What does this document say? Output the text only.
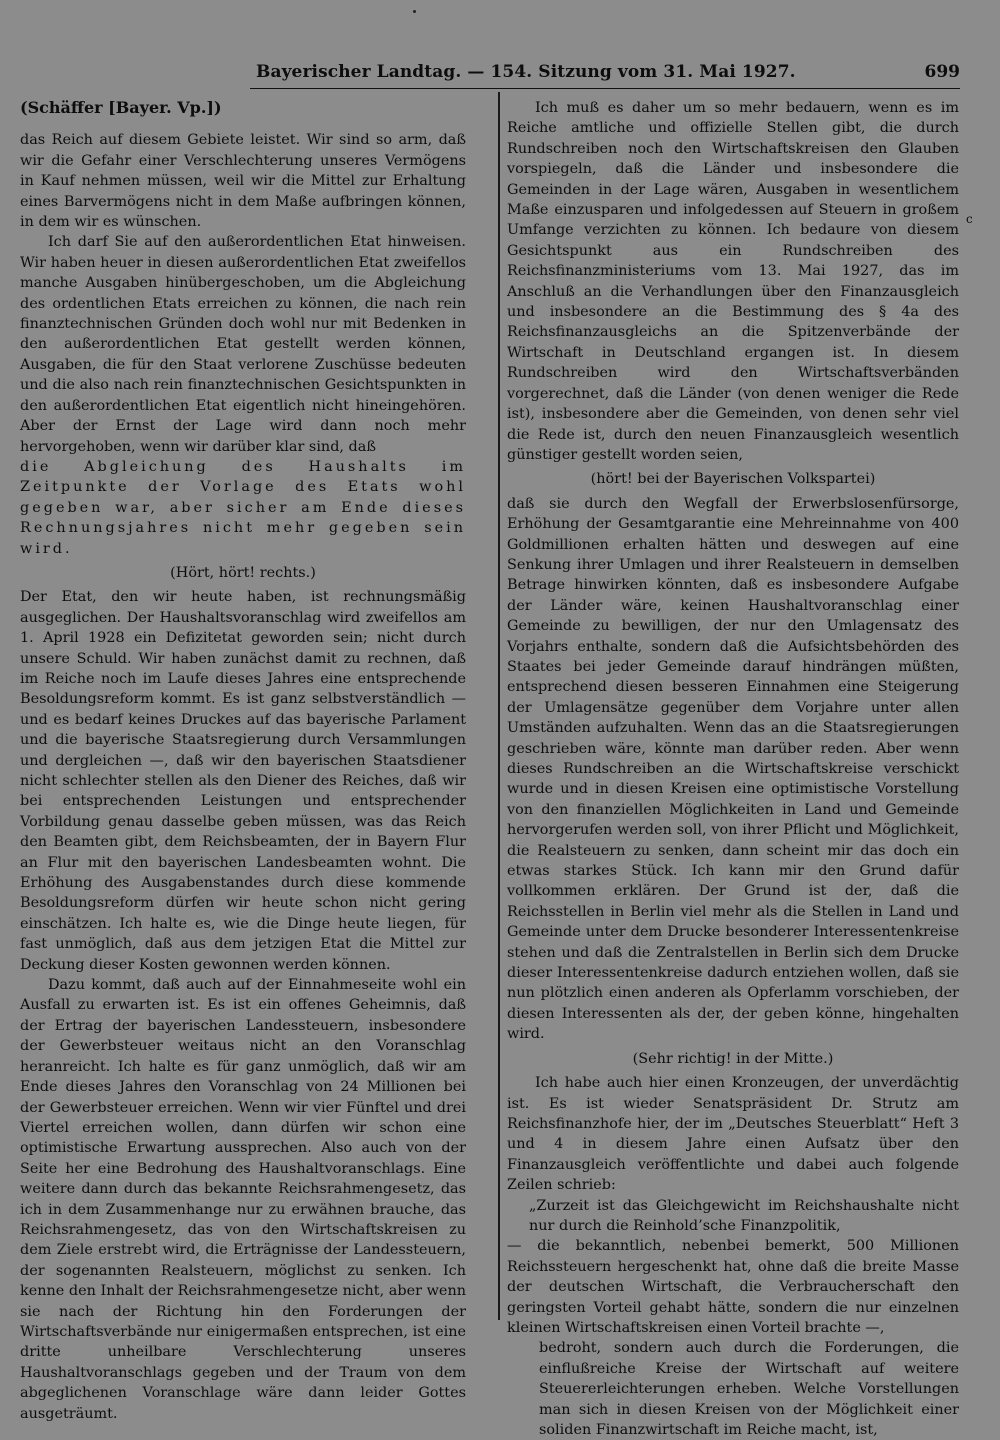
Bayerischer Landtag. — 154. Sitzung vom 31. Mai 1927.	699

(Schäffer [Bayer. Vp.])

das Reich auf diesem Gebiete leistet. Wir sind so arm, daß wir die Gefahr einer Verschlechterung unseres Vermögens in Kauf nehmen müssen, weil wir die Mittel zur Erhaltung eines Barvermögens nicht in dem Maße aufbringen können, in dem wir es wünschen.

Ich darf Sie auf den außerordentlichen Etat hinweisen. Wir haben heuer in diesen außerordentlichen Etat zweifellos manche Ausgaben hinübergeschoben, um die Abgleichung des ordentlichen Etats erreichen zu können, die nach rein finanztechnischen Gründen doch wohl nur mit Bedenken in den außerordentlichen Etat gestellt werden können, Ausgaben, die für den Staat verlorene Zuschüsse bedeuten und die also nach rein finanztechnischen Gesichtspunkten in den außerordentlichen Etat eigentlich nicht hineingehören. Aber der Ernst der Lage wird dann noch mehr hervorgehoben, wenn wir darüber klar sind, daß

die Abgleichung des Haushalts im Zeitpunkte der Vorlage des Etats wohl gegeben war, aber sicher am Ende dieses Rechnungsjahres nicht mehr gegeben sein wird.

(Hört, hört! rechts.)

Der Etat, den wir heute haben, ist rechnungsmäßig ausgeglichen. Der Haushaltsvoranschlag wird zweifellos am 1. April 1928 ein Defizitetat geworden sein; nicht durch unsere Schuld. Wir haben zunächst damit zu rechnen, daß im Reiche noch im Laufe dieses Jahres eine entsprechende Besoldungsreform kommt. Es ist ganz selbstverständlich — und es bedarf keines Druckes auf das bayerische Parlament und die bayerische Staatsregierung durch Versammlungen und dergleichen —, daß wir den bayerischen Staatsdiener nicht schlechter stellen als den Diener des Reiches, daß wir bei entsprechenden Leistungen und entsprechender Vorbildung genau dasselbe geben müssen, was das Reich den Beamten gibt, dem Reichsbeamten, der in Bayern Flur an Flur mit den bayerischen Landesbeamten wohnt. Die Erhöhung des Ausgabenstandes durch diese kommende Besoldungsreform dürfen wir heute schon nicht gering einschätzen. Ich halte es, wie die Dinge heute liegen, für fast unmöglich, daß aus dem jetzigen Etat die Mittel zur Deckung dieser Kosten gewonnen werden können.

Dazu kommt, daß auch auf der Einnahmeseite wohl ein Ausfall zu erwarten ist. Es ist ein offenes Geheimnis, daß der Ertrag der bayerischen Landessteuern, insbesondere der Gewerbsteuer weitaus nicht an den Voranschlag heranreicht. Ich halte es für ganz unmöglich, daß wir am Ende dieses Jahres den Voranschlag von 24 Millionen bei der Gewerbsteuer erreichen. Wenn wir vier Fünftel und drei Viertel erreichen wollen, dann dürfen wir schon eine optimistische Erwartung aussprechen. Also auch von der Seite her eine Bedrohung des Haushaltvoranschlags. Eine weitere dann durch das bekannte Reichsrahmengesetz, das ich in dem Zusammenhange nur zu erwähnen brauche, das Reichsrahmengesetz, das von den Wirtschaftskreisen zu dem Ziele erstrebt wird, die Erträgnisse der Landessteuern, der sogenannten Realsteuern, möglichst zu senken. Ich kenne den Inhalt der Reichsrahmengesetze nicht, aber wenn sie nach der Richtung hin den Forderungen der Wirtschaftsverbände nur einigermaßen entsprechen, ist eine dritte unheilbare Verschlechterung unseres Haushaltvoranschlags gegeben und der Traum von dem abgeglichenen Voranschlage wäre dann leider Gottes ausgeträumt.

Ich muß es daher um so mehr bedauern, wenn es im Reiche amtliche und offizielle Stellen gibt, die durch Rundschreiben noch den Wirtschaftskreisen den Glauben vorspiegeln, daß die Länder und insbesondere die Gemeinden in der Lage wären, Ausgaben in wesentlichem Maße einzusparen und infolgedessen auf Steuern in großem Umfange verzichten zu können. Ich bedaure von diesem Gesichtspunkt aus ein Rundschreiben des Reichsfinanzministeriums vom 13. Mai 1927, das im Anschluß an die Verhandlungen über den Finanzausgleich und insbesondere an die Bestimmung des § 4a des Reichsfinanzausgleichs an die Spitzenverbände der Wirtschaft in Deutschland ergangen ist. In diesem Rundschreiben wird den Wirtschaftsverbänden vorgerechnet, daß die Länder (von denen weniger die Rede ist), insbesondere aber die Gemeinden, von denen sehr viel die Rede ist, durch den neuen Finanzausgleich wesentlich günstiger gestellt worden seien,

(hört! bei der Bayerischen Volkspartei)

daß sie durch den Wegfall der Erwerbslosenfürsorge, Erhöhung der Gesamtgarantie eine Mehreinnahme von 400 Goldmillionen erhalten hätten und deswegen auf eine Senkung ihrer Umlagen und ihrer Realsteuern in demselben Betrage hinwirken könnten, daß es insbesondere Aufgabe der Länder wäre, keinen Haushaltvoranschlag einer Gemeinde zu bewilligen, der nur den Umlagensatz des Vorjahrs enthalte, sondern daß die Aufsichtsbehörden des Staates bei jeder Gemeinde darauf hindrängen müßten, entsprechend diesen besseren Einnahmen eine Steigerung der Umlagensätze gegenüber dem Vorjahre unter allen Umständen aufzuhalten. Wenn das an die Staatsregierungen geschrieben wäre, könnte man darüber reden. Aber wenn dieses Rundschreiben an die Wirtschaftskreise verschickt wurde und in diesen Kreisen eine optimistische Vorstellung von den finanziellen Möglichkeiten in Land und Gemeinde hervorgerufen werden soll, von ihrer Pflicht und Möglichkeit, die Realsteuern zu senken, dann scheint mir das doch ein etwas starkes Stück. Ich kann mir den Grund dafür vollkommen erklären. Der Grund ist der, daß die Reichsstellen in Berlin viel mehr als die Stellen in Land und Gemeinde unter dem Drucke besonderer Interessentenkreise stehen und daß die Zentralstellen in Berlin sich dem Drucke dieser Interessentenkreise dadurch entziehen wollen, daß sie nun plötzlich einen anderen als Opferlamm vorschieben, der diesen Interessenten als der, der geben könne, hingehalten wird.

(Sehr richtig! in der Mitte.)

Ich habe auch hier einen Kronzeugen, der unverdächtig ist. Es ist wieder Senatspräsident Dr. Strutz am Reichsfinanzhofe hier, der im „Deutsches Steuerblatt“ Heft 3 und 4 in diesem Jahre einen Aufsatz über den Finanzausgleich veröffentlichte und dabei auch folgende Zeilen schrieb:

„Zurzeit ist das Gleichgewicht im Reichshaushalte nicht nur durch die Reinhold’sche Finanzpolitik,

— die bekanntlich, nebenbei bemerkt, 500 Millionen Reichssteuern hergeschenkt hat, ohne daß die breite Masse der deutschen Wirtschaft, die Verbraucherschaft den geringsten Vorteil gehabt hätte, sondern die nur einzelnen kleinen Wirtschaftskreisen einen Vorteil brachte —,

bedroht, sondern auch durch die Forderungen, die einflußreiche Kreise der Wirtschaft auf weitere Steuererleichterungen erheben. Welche Vorstellungen man sich in diesen Kreisen von der Möglichkeit einer soliden Finanzwirtschaft im Reiche macht, ist,

c
